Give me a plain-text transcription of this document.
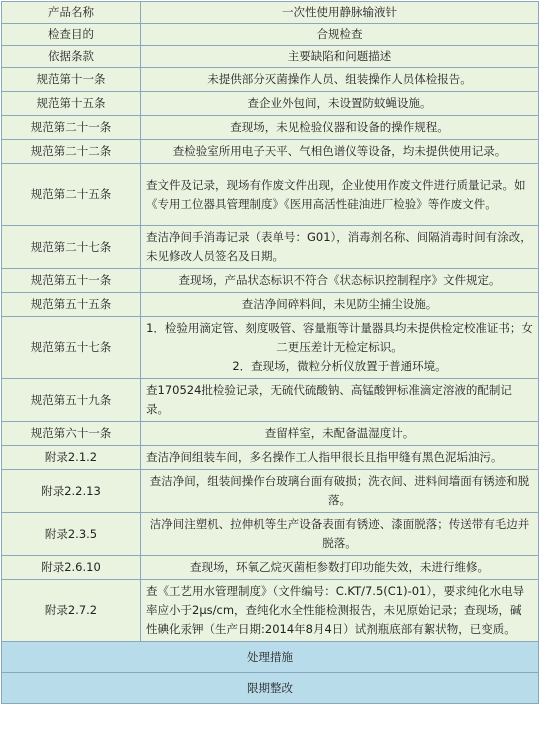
产品名称	一次性使用静脉输液针
检查目的	合规检查
依据条款	主要缺陷和问题描述
规范第十一条	未提供部分灭菌操作人员、组装操作人员体检报告。
规范第十五条	查企业外包间，未设置防蚊蝇设施。
规范第二十一条	查现场，未见检验仪器和设备的操作规程。
规范第二十二条	查检验室所用电子天平、气相色谱仪等设备，均未提供使用记录。
规范第二十五条	查文件及记录，现场有作废文件出现，企业使用作废文件进行质量记录。如《专用工位器具管理制度》《医用高活性硅油进厂检验》等作废文件。
规范第二十七条	查洁净间手消毒记录（表单号：G01），消毒剂名称、间隔消毒时间有涂改，未见修改人员签名及日期。
规范第五十一条	查现场，产品状态标识不符合《状态标识控制程序》文件规定。
规范第五十五条	查洁净间碎料间，未见防尘捕尘设施。
规范第五十七条	1．检验用滴定管、刻度吸管、容量瓶等计量器具均未提供检定校准证书；女二更压差计无检定标识。
2．查现场，微粒分析仪放置于普通环境。
规范第五十九条	查170524批检验记录，无硫代硫酸钠、高锰酸钾标准滴定溶液的配制记录。
规范第六十一条	查留样室，未配备温湿度计。
附录2.1.2	查洁净间组装车间，多名操作工人指甲很长且指甲缝有黑色泥垢油污。
附录2.2.13	查洁净间，组装间操作台玻璃台面有破损；洗衣间、进料间墙面有锈迹和脱落。
附录2.3.5	洁净间注塑机、拉伸机等生产设备表面有锈迹、漆面脱落；传送带有毛边并脱落。
附录2.6.10	查现场，环氧乙烷灭菌柜参数打印功能失效，未进行维修。
附录2.7.2	查《工艺用水管理制度》（文件编号：C.KT/7.5(C1)-01），要求纯化水电导率应小于2μs/cm，查纯化水全性能检测报告，未见原始记录；查现场，碱性碘化汞钾（生产日期:2014年8月4日）试剂瓶底部有絮状物，已变质。
处理措施	
限期整改	
